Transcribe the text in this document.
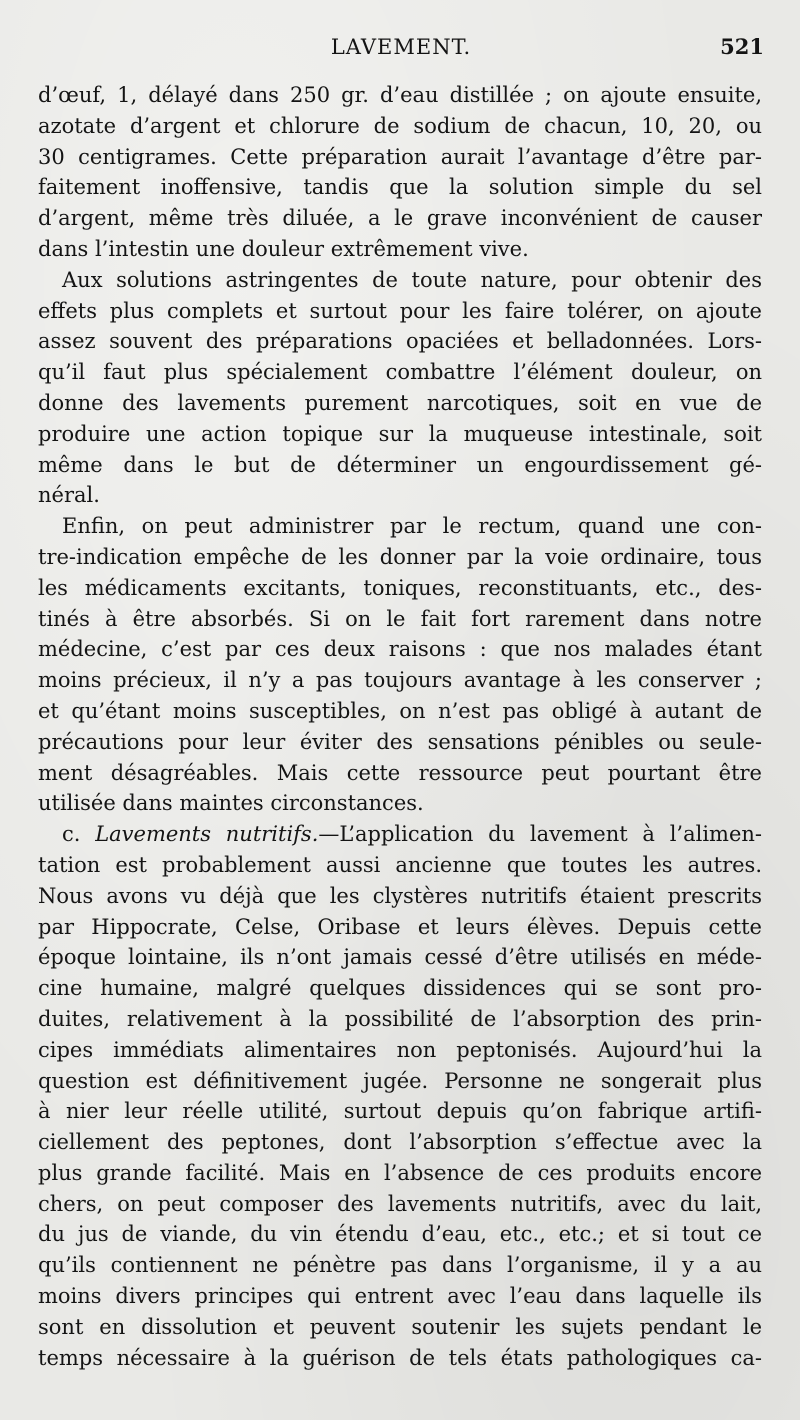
LAVEMENT.	521
d’œuf, 1, délayé dans 250 gr. d’eau distillée ; on ajoute ensuite,
azotate d’argent et chlorure de sodium de chacun, 10, 20, ou
30 centigrames. Cette préparation aurait l’avantage d’être par-
faitement inoffensive, tandis que la solution simple du sel
d’argent, même très diluée, a le grave inconvénient de causer
dans l’intestin une douleur extrêmement vive.
Aux solutions astringentes de toute nature, pour obtenir des
effets plus complets et surtout pour les faire tolérer, on ajoute
assez souvent des préparations opaciées et belladonnées. Lors-
qu’il faut plus spécialement combattre l’élément douleur, on
donne des lavements purement narcotiques, soit en vue de
produire une action topique sur la muqueuse intestinale, soit
même dans le but de déterminer un engourdissement gé-
néral.
Enfin, on peut administrer par le rectum, quand une con-
tre-indication empêche de les donner par la voie ordinaire, tous
les médicaments excitants, toniques, reconstituants, etc., des-
tinés à être absorbés. Si on le fait fort rarement dans notre
médecine, c’est par ces deux raisons : que nos malades étant
moins précieux, il n’y a pas toujours avantage à les conserver ;
et qu’étant moins susceptibles, on n’est pas obligé à autant de
précautions pour leur éviter des sensations pénibles ou seule-
ment désagréables. Mais cette ressource peut pourtant être
utilisée dans maintes circonstances.
c. Lavements nutritifs.—L’application du lavement à l’alimen-
tation est probablement aussi ancienne que toutes les autres.
Nous avons vu déjà que les clystères nutritifs étaient prescrits
par Hippocrate, Celse, Oribase et leurs élèves. Depuis cette
époque lointaine, ils n’ont jamais cessé d’être utilisés en méde-
cine humaine, malgré quelques dissidences qui se sont pro-
duites, relativement à la possibilité de l’absorption des prin-
cipes immédiats alimentaires non peptonisés. Aujourd’hui la
question est définitivement jugée. Personne ne songerait plus
à nier leur réelle utilité, surtout depuis qu’on fabrique artifi-
ciellement des peptones, dont l’absorption s’effectue avec la
plus grande facilité. Mais en l’absence de ces produits encore
chers, on peut composer des lavements nutritifs, avec du lait,
du jus de viande, du vin étendu d’eau, etc., etc.; et si tout ce
qu’ils contiennent ne pénètre pas dans l’organisme, il y a au
moins divers principes qui entrent avec l’eau dans laquelle ils
sont en dissolution et peuvent soutenir les sujets pendant le
temps nécessaire à la guérison de tels états pathologiques ca-
